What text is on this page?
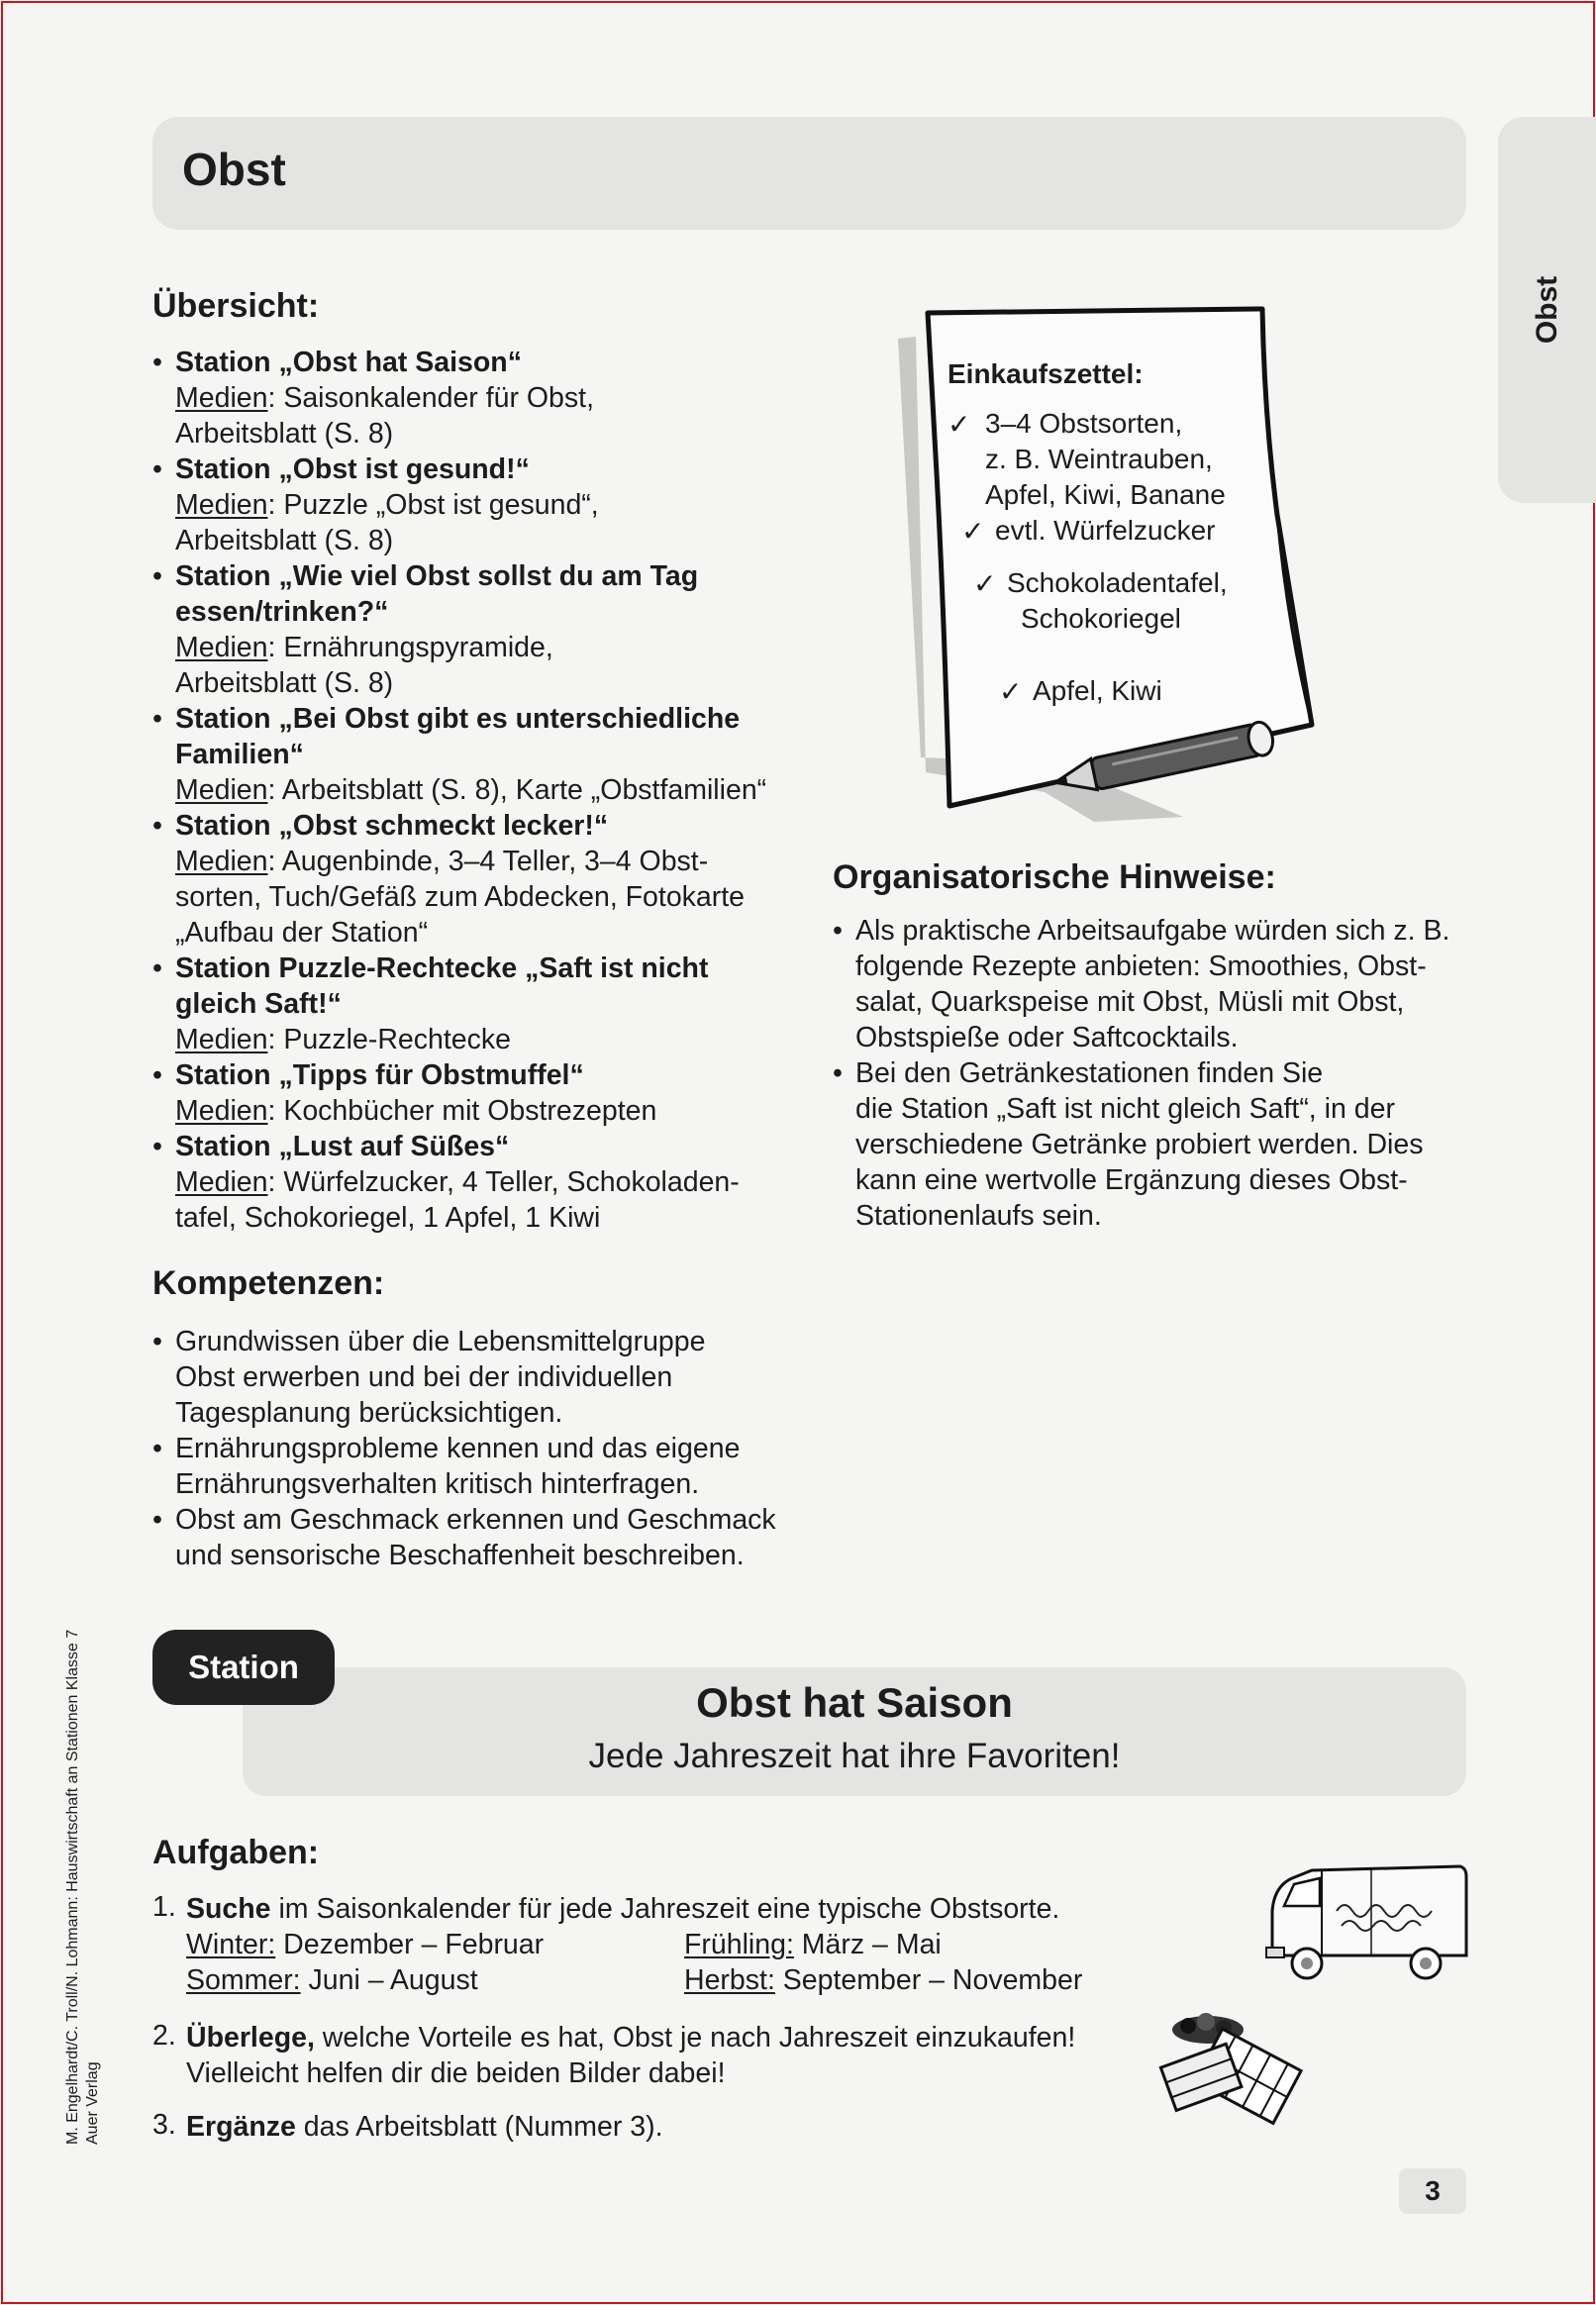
Obst
Obst
Übersicht:
• Station „Obst hat Saison“
Medien: Saisonkalender für Obst,
Arbeitsblatt (S. 8)
• Station „Obst ist gesund!“
Medien: Puzzle „Obst ist gesund“,
Arbeitsblatt (S. 8)
• Station „Wie viel Obst sollst du am Tag
essen/trinken?“
Medien: Ernährungspyramide,
Arbeitsblatt (S. 8)
• Station „Bei Obst gibt es unterschiedliche
Familien“
Medien: Arbeitsblatt (S. 8), Karte „Obstfamilien“
• Station „Obst schmeckt lecker!“
Medien: Augenbinde, 3–4 Teller, 3–4 Obst-
sorten, Tuch/Gefäß zum Abdecken, Fotokarte
„Aufbau der Station“
• Station Puzzle-Rechtecke „Saft ist nicht
gleich Saft!“
Medien: Puzzle-Rechtecke
• Station „Tipps für Obstmuffel“
Medien: Kochbücher mit Obstrezepten
• Station „Lust auf Süßes“
Medien: Würfelzucker, 4 Teller, Schokoladen-
tafel, Schokoriegel, 1 Apfel, 1 Kiwi
Kompetenzen:
• Grundwissen über die Lebensmittelgruppe
Obst erwerben und bei der individuellen
Tagesplanung berücksichtigen.
• Ernährungsprobleme kennen und das eigene
Ernährungsverhalten kritisch hinterfragen.
• Obst am Geschmack erkennen und Geschmack
und sensorische Beschaffenheit beschreiben.
Einkaufszettel:
✓ 3–4 Obstsorten,
z. B. Weintrauben,
Apfel, Kiwi, Banane
✓ evtl. Würfelzucker
✓ Schokoladentafel,
Schokoriegel
✓ Apfel, Kiwi
Organisatorische Hinweise:
• Als praktische Arbeitsaufgabe würden sich z. B.
folgende Rezepte anbieten: Smoothies, Obst-
salat, Quarkspeise mit Obst, Müsli mit Obst,
Obstspieße oder Saftcocktails.
• Bei den Getränkestationen finden Sie
die Station „Saft ist nicht gleich Saft“, in der
verschiedene Getränke probiert werden. Dies
kann eine wertvolle Ergänzung dieses Obst-
Stationenlaufs sein.
Obst hat Saison
Jede Jahreszeit hat ihre Favoriten!
Station
Aufgaben:
1. Suche im Saisonkalender für jede Jahreszeit eine typische Obstsorte.
Winter: Dezember – Februar	Frühling: März – Mai
Sommer: Juni – August	Herbst: September – November
2. Überlege, welche Vorteile es hat, Obst je nach Jahreszeit einzukaufen!
Vielleicht helfen dir die beiden Bilder dabei!
3. Ergänze das Arbeitsblatt (Nummer 3).
M. Engelhardt/C. Troll/N. Lohmann: Hauswirtschaft an Stationen Klasse 7 Auer Verlag
3
